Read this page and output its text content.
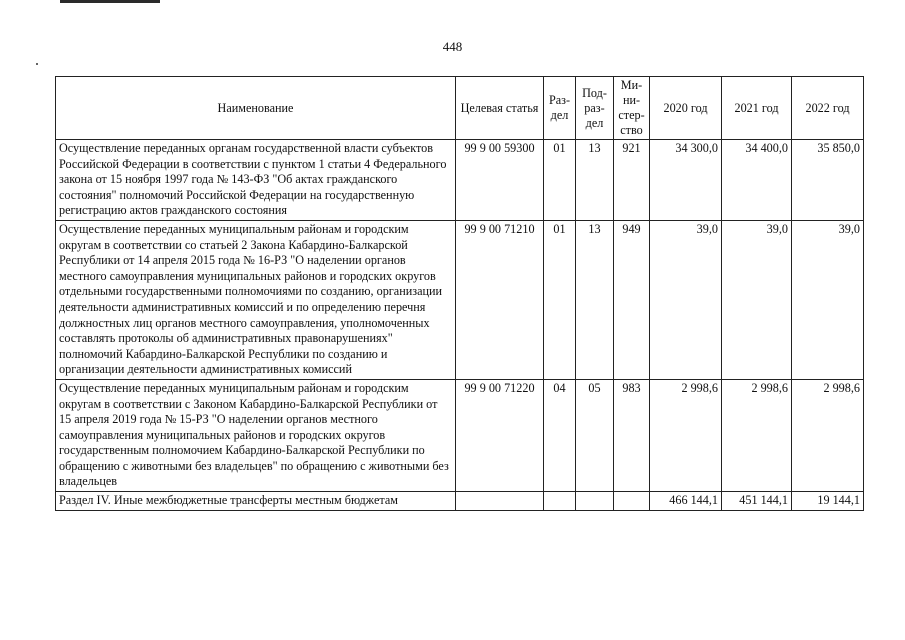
448
Наименование	Целевая статья	Раз-дел	Под-раз-дел	Ми-ни-стер-ство	2020 год	2021 год	2022 год
Осуществление переданных органам государственной власти субъектов Российской Федерации в соответствии с пунктом 1 статьи 4 Федерального закона от 15 ноября 1997 года № 143-ФЗ "Об актах гражданского состояния" полномочий Российской Федерации на государственную регистрацию актов гражданского состояния	99 9 00 59300	01	13	921	34 300,0	34 400,0	35 850,0
Осуществление переданных муниципальным районам и городским округам в соответствии со статьей 2 Закона Кабардино-Балкарской Республики от 14 апреля 2015 года № 16-РЗ "О наделении органов местного самоуправления муниципальных районов и городских округов отдельными государственными полномочиями по созданию, организации деятельности административных комиссий и по определению перечня должностных лиц органов местного самоуправления, уполномоченных составлять протоколы об административных правонарушениях" полномочий Кабардино-Балкарской Республики по созданию и организации деятельности административных комиссий	99 9 00 71210	01	13	949	39,0	39,0	39,0
Осуществление переданных муниципальным районам и городским округам в соответствии с Законом Кабардино-Балкарской Республики от 15 апреля 2019 года № 15-РЗ "О наделении органов местного самоуправления муниципальных районов и городских округов государственным полномочием Кабардино-Балкарской Республики по обращению с животными без владельцев" по обращению с животными без владельцев	99 9 00 71220	04	05	983	2 998,6	2 998,6	2 998,6
Раздел IV. Иные межбюджетные трансферты местным бюджетам					466 144,1	451 144,1	19 144,1
